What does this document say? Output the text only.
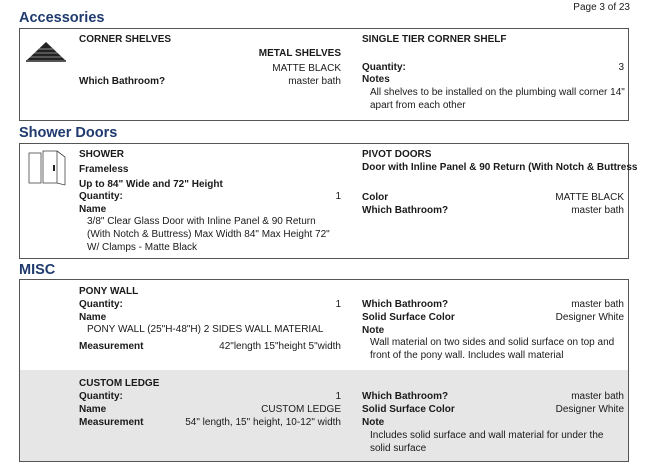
Page 3 of 23
Accessories
CORNER SHELVES
METAL SHELVES
MATTE BLACK
Which Bathroom?	master bath
SINGLE TIER CORNER SHELF
Quantity:	3
Notes
All shelves to be installed on the plumbing wall corner 14" apart from each other
Shower Doors
SHOWER
Frameless
Up to 84" Wide and 72" Height
Quantity:	1
Name
3/8" Clear Glass Door with Inline Panel & 90 Return (With Notch & Buttress) Max Width 84" Max Height 72" W/ Clamps - Matte Black
PIVOT DOORS
Door with Inline Panel & 90 Return (With Notch & Buttress
Color	MATTE BLACK
Which Bathroom?	master bath
MISC
PONY WALL
Quantity:	1
Name
PONY WALL (25"H-48"H) 2 SIDES WALL MATERIAL
Measurement	42"length 15"height 5"width
Which Bathroom?	master bath
Solid Surface Color	Designer White
Note
Wall material on two sides and solid surface on top and front of the pony wall. Includes wall material
CUSTOM LEDGE
Quantity:	1
Name	CUSTOM LEDGE
Measurement	54" length, 15" height, 10-12" width
Which Bathroom?	master bath
Solid Surface Color	Designer White
Note
Includes solid surface and wall material for under the solid surface
